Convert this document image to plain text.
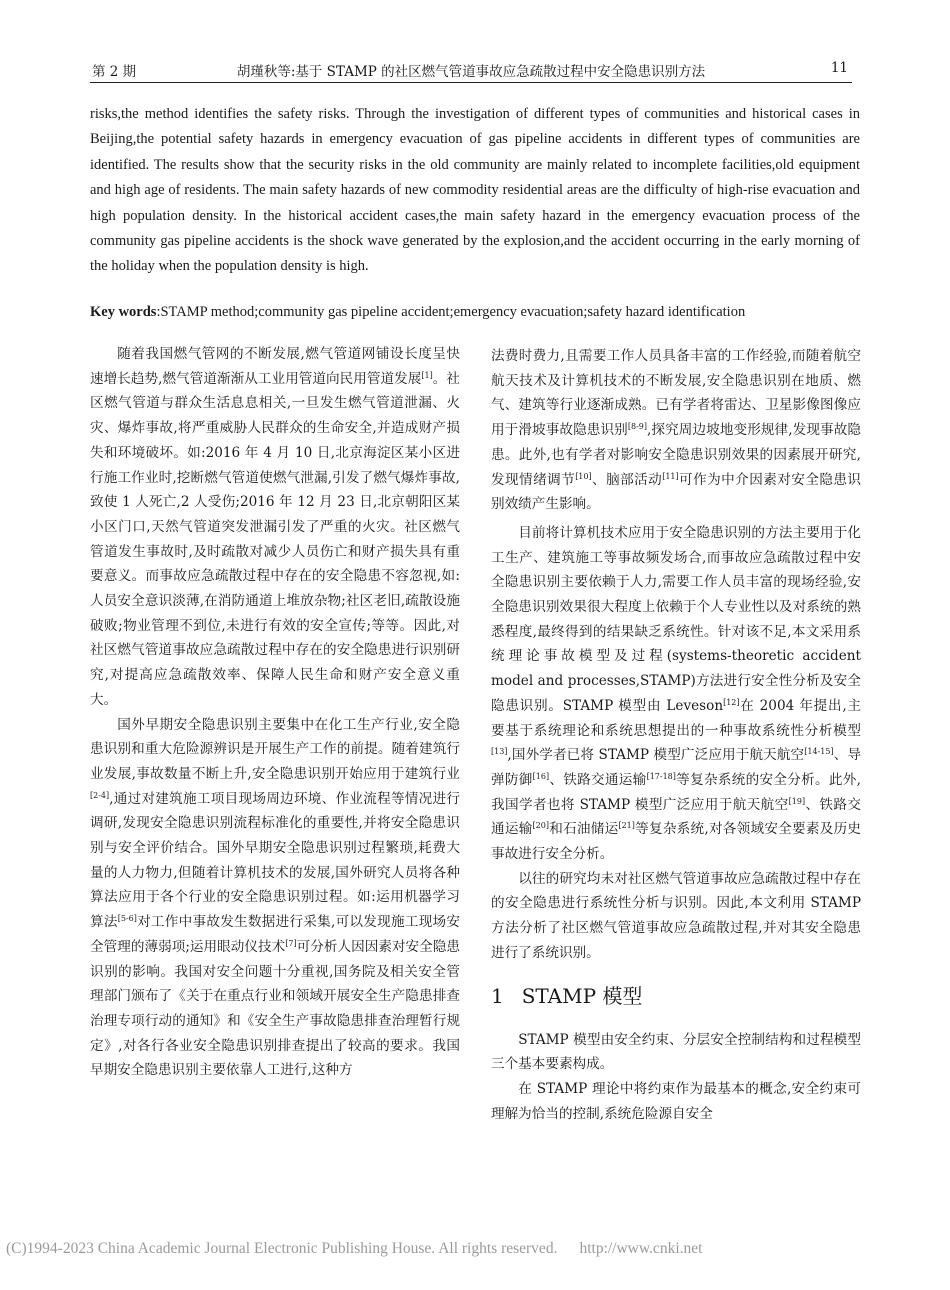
第 2 期	胡瑾秋等:基于 STAMP 的社区燃气管道事故应急疏散过程中安全隐患识别方法	11
risks,the method identifies the safety risks. Through the investigation of different types of communities and historical cases in Beijing,the potential safety hazards in emergency evacuation of gas pipeline accidents in different types of communities are identified. The results show that the security risks in the old community are mainly related to incomplete facilities,old equipment and high age of residents. The main safety hazards of new commodity residential areas are the difficulty of high-rise evacuation and high population density. In the historical accident cases,the main safety hazard in the emergency evacuation process of the community gas pipeline accidents is the shock wave generated by the explosion,and the accident occurring in the early morning of the holiday when the population density is high.
Key words:STAMP method;community gas pipeline accident;emergency evacuation;safety hazard identification

随着我国燃气管网的不断发展,燃气管道网铺设长度呈快速增长趋势,燃气管道渐渐从工业用管道向民用管道发展[1]。社区燃气管道与群众生活息息相关,一旦发生燃气管道泄漏、火灾、爆炸事故,将严重威胁人民群众的生命安全,并造成财产损失和环境破坏。如:2016 年 4 月 10 日,北京海淀区某小区进行施工作业时,挖断燃气管道使燃气泄漏,引发了燃气爆炸事故,致使 1 人死亡,2 人受伤;2016 年 12 月 23 日,北京朝阳区某小区门口,天然气管道突发泄漏引发了严重的火灾。社区燃气管道发生事故时,及时疏散对减少人员伤亡和财产损失具有重要意义。而事故应急疏散过程中存在的安全隐患不容忽视,如:人员安全意识淡薄,在消防通道上堆放杂物;社区老旧,疏散设施破败;物业管理不到位,未进行有效的安全宣传;等等。因此,对社区燃气管道事故应急疏散过程中存在的安全隐患进行识别研究,对提高应急疏散效率、保障人民生命和财产安全意义重大。

国外早期安全隐患识别主要集中在化工生产行业,安全隐患识别和重大危险源辨识是开展生产工作的前提。随着建筑行业发展,事故数量不断上升,安全隐患识别开始应用于建筑行业[2-4],通过对建筑施工项目现场周边环境、作业流程等情况进行调研,发现安全隐患识别流程标准化的重要性,并将安全隐患识别与安全评价结合。国外早期安全隐患识别过程繁琐,耗费大量的人力物力,但随着计算机技术的发展,国外研究人员将各种算法应用于各个行业的安全隐患识别过程。如:运用机器学习算法[5-6]对工作中事故发生数据进行采集,可以发现施工现场安全管理的薄弱项;运用眼动仪技术[7]可分析人因因素对安全隐患识别的影响。我国对安全问题十分重视,国务院及相关安全管理部门颁布了《关于在重点行业和领域开展安全生产隐患排查治理专项行动的通知》和《安全生产事故隐患排查治理暂行规定》,对各行各业安全隐患识别排查提出了较高的要求。我国早期安全隐患识别主要依靠人工进行,这种方

法费时费力,且需要工作人员具备丰富的工作经验,而随着航空航天技术及计算机技术的不断发展,安全隐患识别在地质、燃气、建筑等行业逐渐成熟。已有学者将雷达、卫星影像图像应用于滑坡事故隐患识别[8-9],探究周边坡地变形规律,发现事故隐患。此外,也有学者对影响安全隐患识别效果的因素展开研究,发现情绪调节[10]、脑部活动[11]可作为中介因素对安全隐患识别效绩产生影响。

目前将计算机技术应用于安全隐患识别的方法主要用于化工生产、建筑施工等事故频发场合,而事故应急疏散过程中安全隐患识别主要依赖于人力,需要工作人员丰富的现场经验,安全隐患识别效果很大程度上依赖于个人专业性以及对系统的熟悉程度,最终得到的结果缺乏系统性。针对该不足,本文采用系统理论事故模型及过程(systems-theoretic accident model and processes,STAMP)方法进行安全性分析及安全隐患识别。STAMP 模型由 Leveson[12]在 2004 年提出,主要基于系统理论和系统思想提出的一种事故系统性分析模型[13],国外学者已将 STAMP 模型广泛应用于航天航空[14-15]、导弹防御[16]、铁路交通运输[17-18]等复杂系统的安全分析。此外,我国学者也将 STAMP 模型广泛应用于航天航空[19]、铁路交通运输[20]和石油储运[21]等复杂系统,对各领域安全要素及历史事故进行安全分析。

以往的研究均未对社区燃气管道事故应急疏散过程中存在的安全隐患进行系统性分析与识别。因此,本文利用 STAMP 方法分析了社区燃气管道事故应急疏散过程,并对其安全隐患进行了系统识别。

1 STAMP 模型

STAMP 模型由安全约束、分层安全控制结构和过程模型三个基本要素构成。

在 STAMP 理论中将约束作为最基本的概念,安全约束可理解为恰当的控制,系统危险源自安全

(C)1994-2023 China Academic Journal Electronic Publishing House. All rights reserved. http://www.cnki.net
